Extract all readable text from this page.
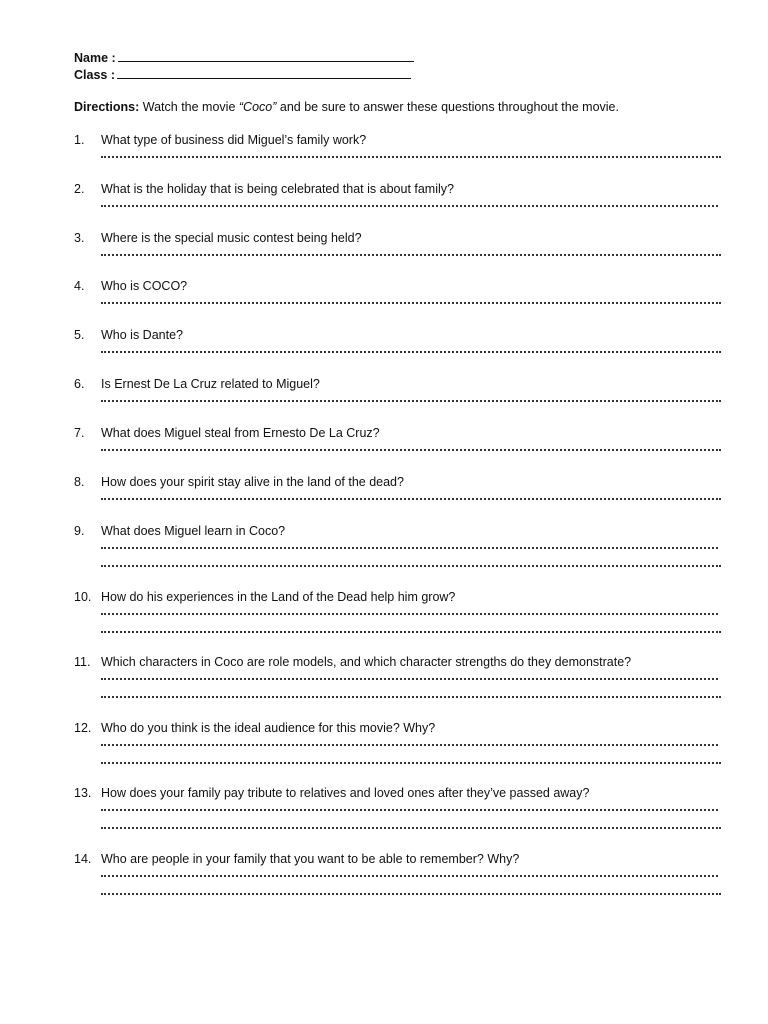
Name :
Class :
Directions: Watch the movie “Coco” and be sure to answer these questions throughout the movie.
1.	What type of business did Miguel’s family work?
2.	What is the holiday that is being celebrated that is about family?
3.	Where is the special music contest being held?
4.	Who is COCO?
5.	Who is Dante?
6.	Is Ernest De La Cruz related to Miguel?
7.	What does Miguel steal from Ernesto De La Cruz?
8.	How does your spirit stay alive in the land of the dead?
9.	What does Miguel learn in Coco?
10. How do his experiences in the Land of the Dead help him grow?
11. Which characters in Coco are role models, and which character strengths do they demonstrate?
12. Who do you think is the ideal audience for this movie? Why?
13. How does your family pay tribute to relatives and loved ones after they’ve passed away?
14. Who are people in your family that you want to be able to remember? Why?
